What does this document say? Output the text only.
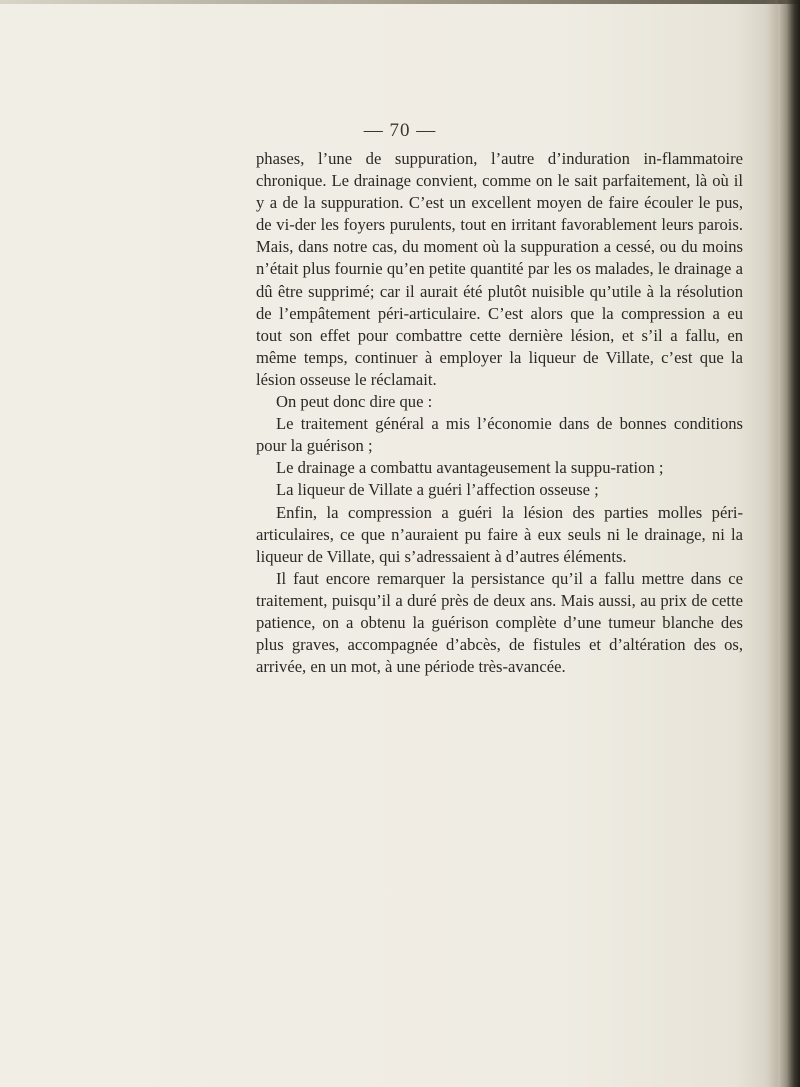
— 70 —

phases, l’une de suppuration, l’autre d’induration in-flammatoire chronique. Le drainage convient, comme on le sait parfaitement, là où il y a de la suppuration. C’est un excellent moyen de faire écouler le pus, de vi-der les foyers purulents, tout en irritant favorablement leurs parois. Mais, dans notre cas, du moment où la suppuration a cessé, ou du moins n’était plus fournie qu’en petite quantité par les os malades, le drainage a dû être supprimé; car il aurait été plutôt nuisible qu’utile à la résolution de l’empâtement péri-articulaire. C’est alors que la compression a eu tout son effet pour combattre cette dernière lésion, et s’il a fallu, en même temps, continuer à employer la liqueur de Villate, c’est que la lésion osseuse le réclamait.

On peut donc dire que :

Le traitement général a mis l’économie dans de bonnes conditions pour la guérison ;

Le drainage a combattu avantageusement la suppu-ration ;

La liqueur de Villate a guéri l’affection osseuse ;

Enfin, la compression a guéri la lésion des parties molles péri-articulaires, ce que n’auraient pu faire à eux seuls ni le drainage, ni la liqueur de Villate, qui s’adressaient à d’autres éléments.

Il faut encore remarquer la persistance qu’il a fallu mettre dans ce traitement, puisqu’il a duré près de deux ans. Mais aussi, au prix de cette patience, on a obtenu la guérison complète d’une tumeur blanche des plus graves, accompagnée d’abcès, de fistules et d’altération des os, arrivée, en un mot, à une période très-avancée.
